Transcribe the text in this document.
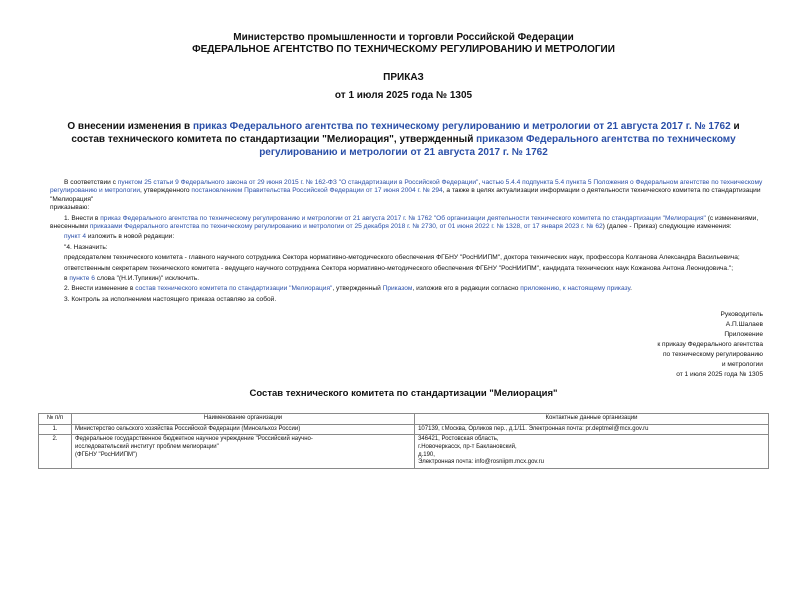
Министерство промышленности и торговли Российской Федерации
ФЕДЕРАЛЬНОЕ АГЕНТСТВО ПО ТЕХНИЧЕСКОМУ РЕГУЛИРОВАНИЮ И МЕТРОЛОГИИ
ПРИКАЗ
от 1 июля 2025 года № 1305
О внесении изменения в приказ Федерального агентства по техническому регулированию и метрологии от 21 августа 2017 г. № 1762 и состав технического комитета по стандартизации "Мелиорация", утвержденный приказом Федерального агентства по техническому регулированию и метрологии от 21 августа 2017 г. № 1762

В соответствии с пунктом 25 статьи 9 Федерального закона от 29 июня 2015 г. № 162-ФЗ "О стандартизации в Российской Федерации", частью 5.4.4 подпункта 5.4 пункта 5 Положения о Федеральном агентстве по техническому регулированию и метрологии, утвержденного постановлением Правительства Российской Федерации от 17 июня 2004 г. № 294, а также в целях актуализации информации о деятельности технического комитета по стандартизации "Мелиорация"

приказываю:

1. Внести в приказ Федерального агентства по техническому регулированию и метрологии от 21 августа 2017 г. № 1762 "Об организации деятельности технического комитета по стандартизации "Мелиорация" (с изменениями, внесенными приказами Федерального агентства по техническому регулированию и метрологии от 25 декабря 2018 г. № 2730, от 01 июня 2022 г. № 1328, от 17 января 2023 г. № 62) (далее - Приказ) следующие изменения:

пункт 4 изложить в новой редакции:

"4. Назначить:

председателем технического комитета - главного научного сотрудника Сектора нормативно-методического обеспечения ФГБНУ "РосНИИПМ", доктора технических наук, профессора Колганова Александра Васильевича;

ответственным секретарем технического комитета - ведущего научного сотрудника Сектора нормативно-методического обеспечения ФГБНУ "РосНИИПМ", кандидата технических наук Кожанова Антона Леонидовича.";

в пункте 6 слова "(Н.И.Тупикин)" исключить.

2. Внести изменение в состав технического комитета по стандартизации "Мелиорация", утвержденный Приказом, изложив его в редакции согласно приложению, к настоящему приказу.

3. Контроль за исполнением настоящего приказа оставляю за собой.

Руководитель
А.П.Шалаев
Приложение
к приказу Федерального агентства
по техническому регулированию
и метрологии
от 1 июля 2025 года № 1305
Состав технического комитета по стандартизации "Мелиорация"
№ п/п	Наименование организации	Контактные данные организации
1.	Министерство сельского хозяйства Российской Федерации (Минсельхоз России)	107139, г.Москва, Орликов пер., д.1/11. Электронная почта: pr.deptmel@mcx.gov.ru
2.	Федеральное государственное бюджетное научное учреждение "Российский научно-
исследовательский институт проблем мелиорации"
(ФГБНУ "РосНИИПМ")	346421, Ростовская область,
г.Новочеркасск, пр-т Баклановский,
д.190,
Электронная почта: info@rosniipm.mcx.gov.ru
